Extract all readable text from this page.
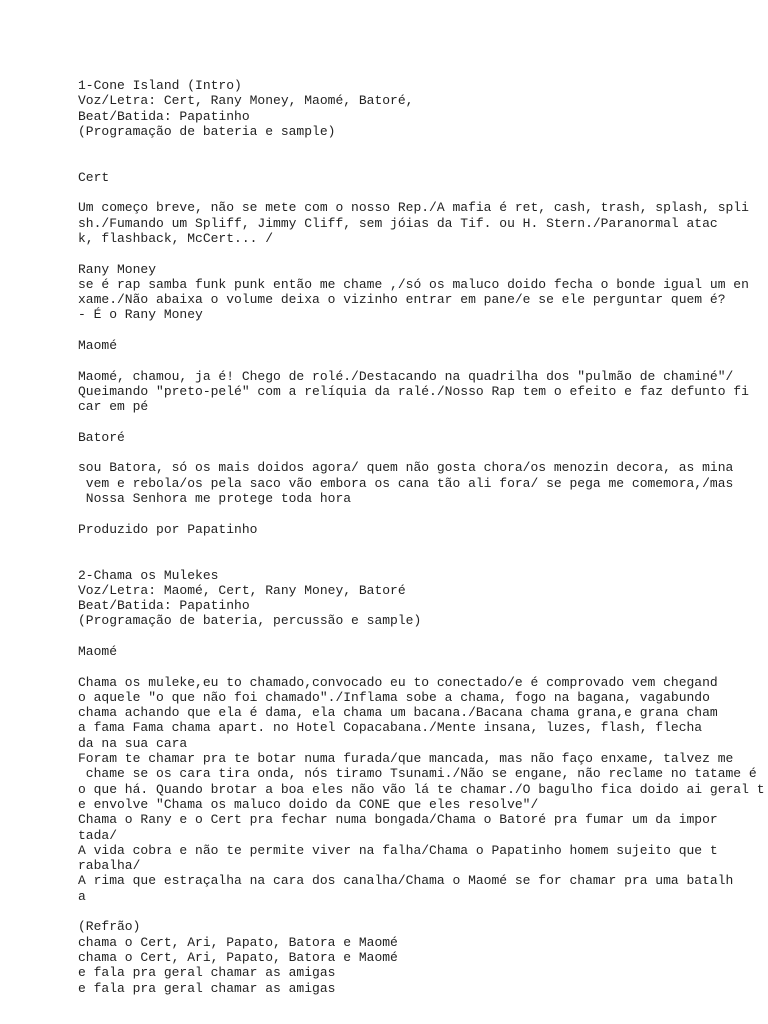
1-Cone Island (Intro)
Voz/Letra: Cert, Rany Money, Maomé, Batoré,
Beat/Batida: Papatinho
(Programação de bateria e sample)
Cert
Um começo breve, não se mete com o nosso Rep./A mafia é ret, cash, trash, splash, spli
sh./Fumando um Spliff, Jimmy Cliff, sem jóias da Tif. ou H. Stern./Paranormal atac
k, flashback, McCert... /
Rany Money
se é rap samba funk punk então me chame ,/só os maluco doido fecha o bonde igual um en
xame./Não abaixa o volume deixa o vizinho entrar em pane/e se ele perguntar quem é?
- É o Rany Money
Maomé
Maomé, chamou, ja é! Chego de rolé./Destacando na quadrilha dos "pulmão de chaminé"/
Queimando "preto-pelé" com a relíquia da ralé./Nosso Rap tem o efeito e faz defunto fi
car em pé
Batoré
sou Batora, só os mais doidos agora/ quem não gosta chora/os menozin decora, as mina
vem e rebola/os pela saco vão embora os cana tão ali fora/ se pega me comemora,/mas
Nossa Senhora me protege toda hora
Produzido por Papatinho
2-Chama os Mulekes
Voz/Letra: Maomé, Cert, Rany Money, Batoré
Beat/Batida: Papatinho
(Programação de bateria, percussão e sample)
Maomé
Chama os muleke,eu to chamado,convocado eu to conectado/e é comprovado vem chegand
o aquele "o que não foi chamado"./Inflama sobe a chama, fogo na bagana, vagabundo
chama achando que ela é dama, ela chama um bacana./Bacana chama grana,e grana cham
a fama Fama chama apart. no Hotel Copacabana./Mente insana, luzes, flash, flecha
da na sua cara
Foram te chamar pra te botar numa furada/que mancada, mas não faço enxame, talvez me
chame se os cara tira onda, nós tiramo Tsunami./Não se engane, não reclame no tatame é
o que há. Quando brotar a boa eles não vão lá te chamar./O bagulho fica doido ai geral t
e envolve "Chama os maluco doido da CONE que eles resolve"/
Chama o Rany e o Cert pra fechar numa bongada/Chama o Batoré pra fumar um da impor
tada/
A vida cobra e não te permite viver na falha/Chama o Papatinho homem sujeito que t
rabalha/
A rima que estraçalha na cara dos canalha/Chama o Maomé se for chamar pra uma batalh
a
(Refrão)
chama o Cert, Ari, Papato, Batora e Maomé
chama o Cert, Ari, Papato, Batora e Maomé
e fala pra geral chamar as amigas
e fala pra geral chamar as amigas
